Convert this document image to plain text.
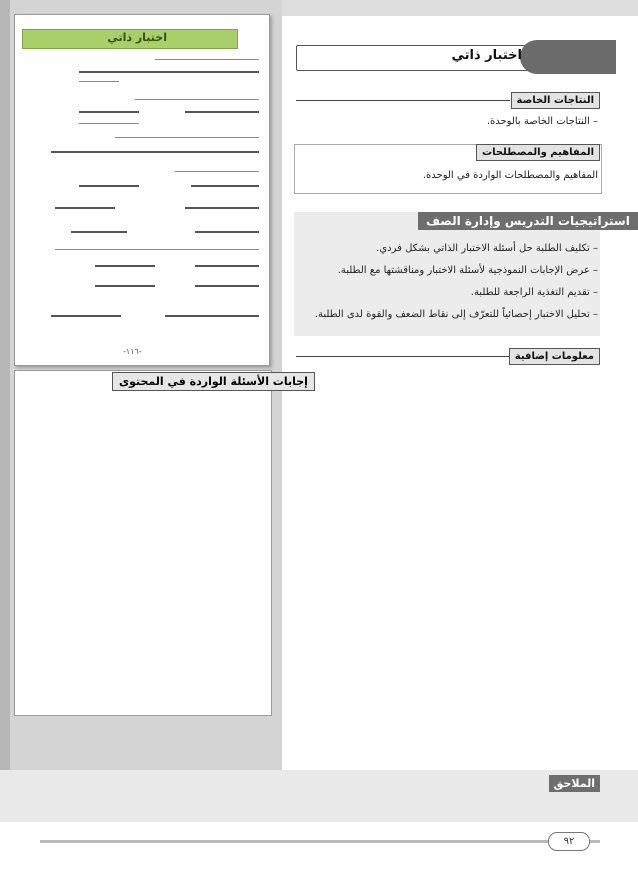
اختبار ذاتي
-١١٦-
إجابات الأسئلة الواردة في المحتوى
اختبار ذاتي
النتاجات الخاصة
– النتاجات الخاصة بالوحدة.
المفاهيم والمصطلحات
المفاهيم والمصطلحات الواردة في الوحدة.
استراتيجيات التدريس وإدارة الصف
– تكليف الطلبة حل أسئلة الاختبار الذاتي بشكل فردي.
– عرض الإجابات النموذجية لأسئلة الاختبار ومناقشتها مع الطلبة.
– تقديم التغذية الراجعة للطلبة.
– تحليل الاختبار إحصائياً للتعرّف إلى نقاط الضعف والقوة لدى الطلبة.
معلومات إضافية
الملاحق
٩٢
